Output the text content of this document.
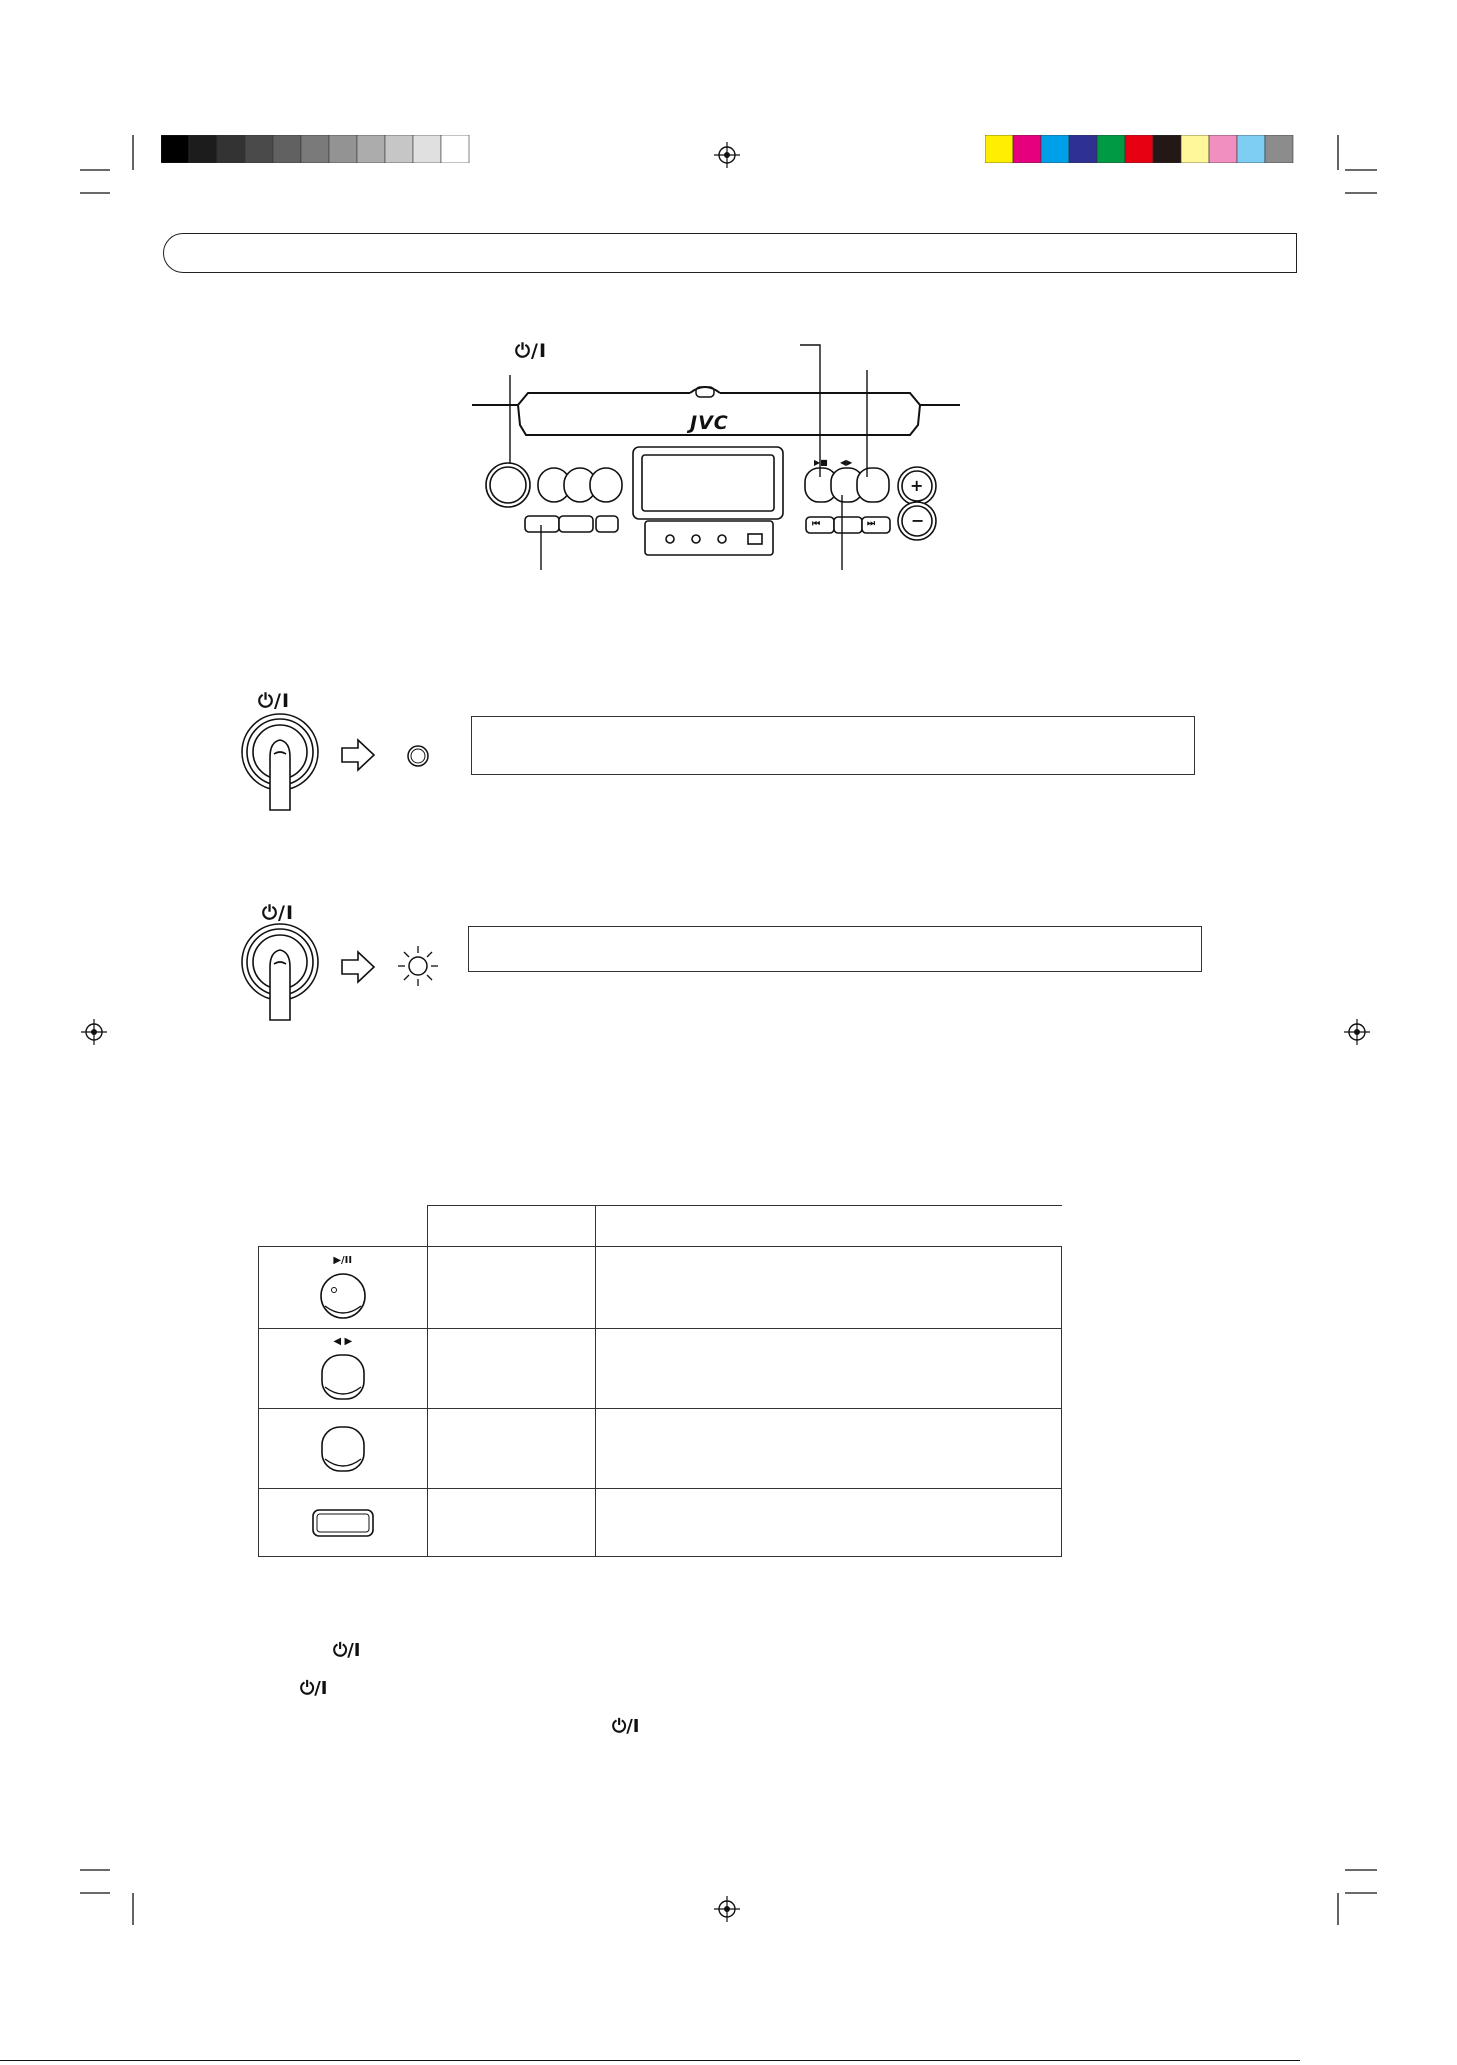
⏻/I
JVC
▶■ ◀▶
+
−
⏮	⏭
⏻/I
⏻/I

▶/II		

◀ ▶		

⏻/I
⏻/I
⏻/I
